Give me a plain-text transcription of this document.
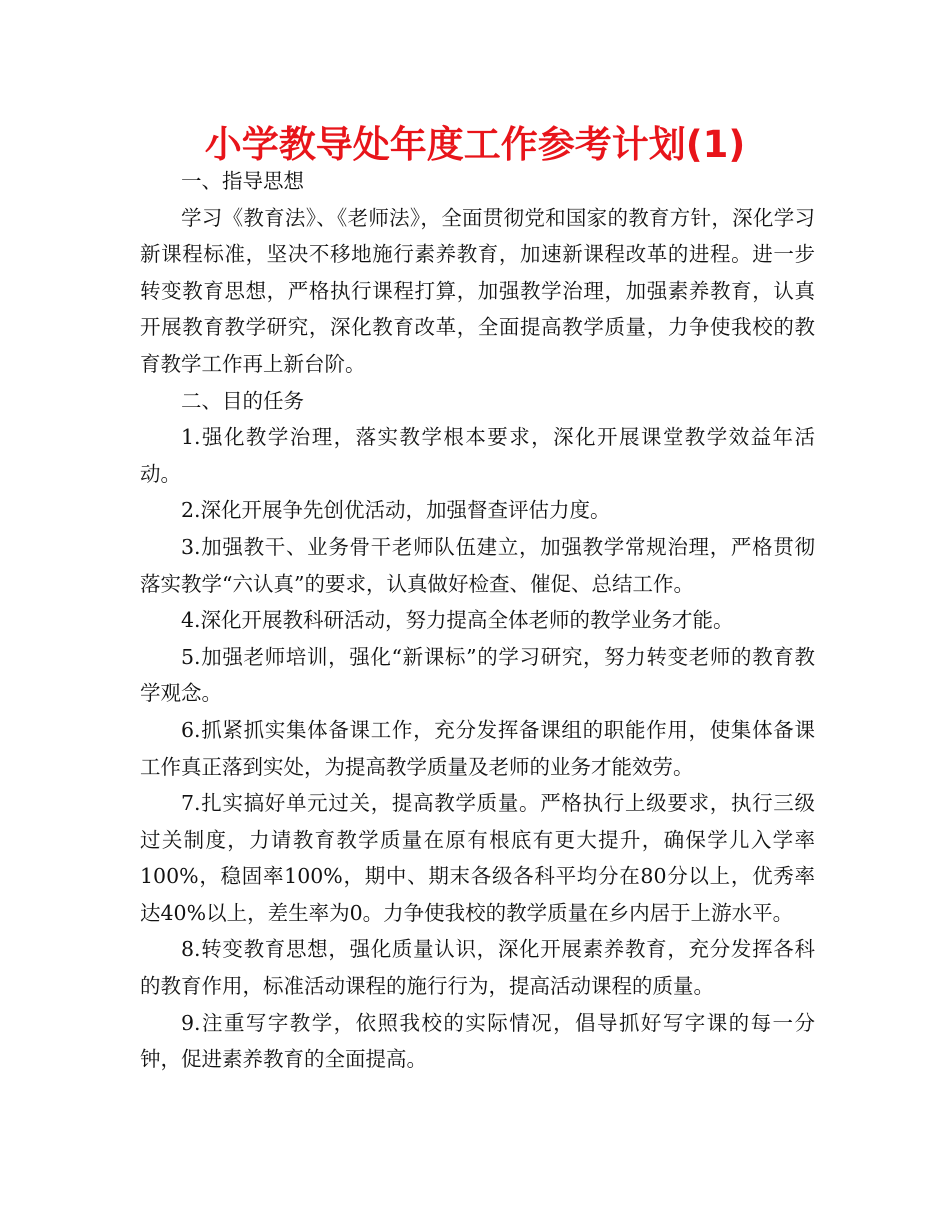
小学教导处年度工作参考计划(1)

一、指导思想

学习《教育法》、《老师法》，全面贯彻党和国家的教育方针，深化学习新课程标准，坚决不移地施行素养教育，加速新课程改革的进程。进一步转变教育思想，严格执行课程打算，加强教学治理，加强素养教育，认真开展教育教学研究，深化教育改革，全面提高教学质量，力争使我校的教育教学工作再上新台阶。

二、目的任务

1.强化教学治理，落实教学根本要求，深化开展课堂教学效益年活动。

2.深化开展争先创优活动，加强督查评估力度。

3.加强教干、业务骨干老师队伍建立，加强教学常规治理，严格贯彻落实教学“六认真”的要求，认真做好检查、催促、总结工作。

4.深化开展教科研活动，努力提高全体老师的教学业务才能。

5.加强老师培训，强化“新课标”的学习研究，努力转变老师的教育教学观念。

6.抓紧抓实集体备课工作，充分发挥备课组的职能作用，使集体备课工作真正落到实处，为提高教学质量及老师的业务才能效劳。

7.扎实搞好单元过关，提高教学质量。严格执行上级要求，执行三级过关制度，力请教育教学质量在原有根底有更大提升，确保学儿入学率100%，稳固率100%，期中、期末各级各科平均分在80分以上，优秀率达40%以上，差生率为0。力争使我校的教学质量在乡内居于上游水平。

8.转变教育思想，强化质量认识，深化开展素养教育，充分发挥各科的教育作用，标准活动课程的施行行为，提高活动课程的质量。

9.注重写字教学，依照我校的实际情况，倡导抓好写字课的每一分钟，促进素养教育的全面提高。
